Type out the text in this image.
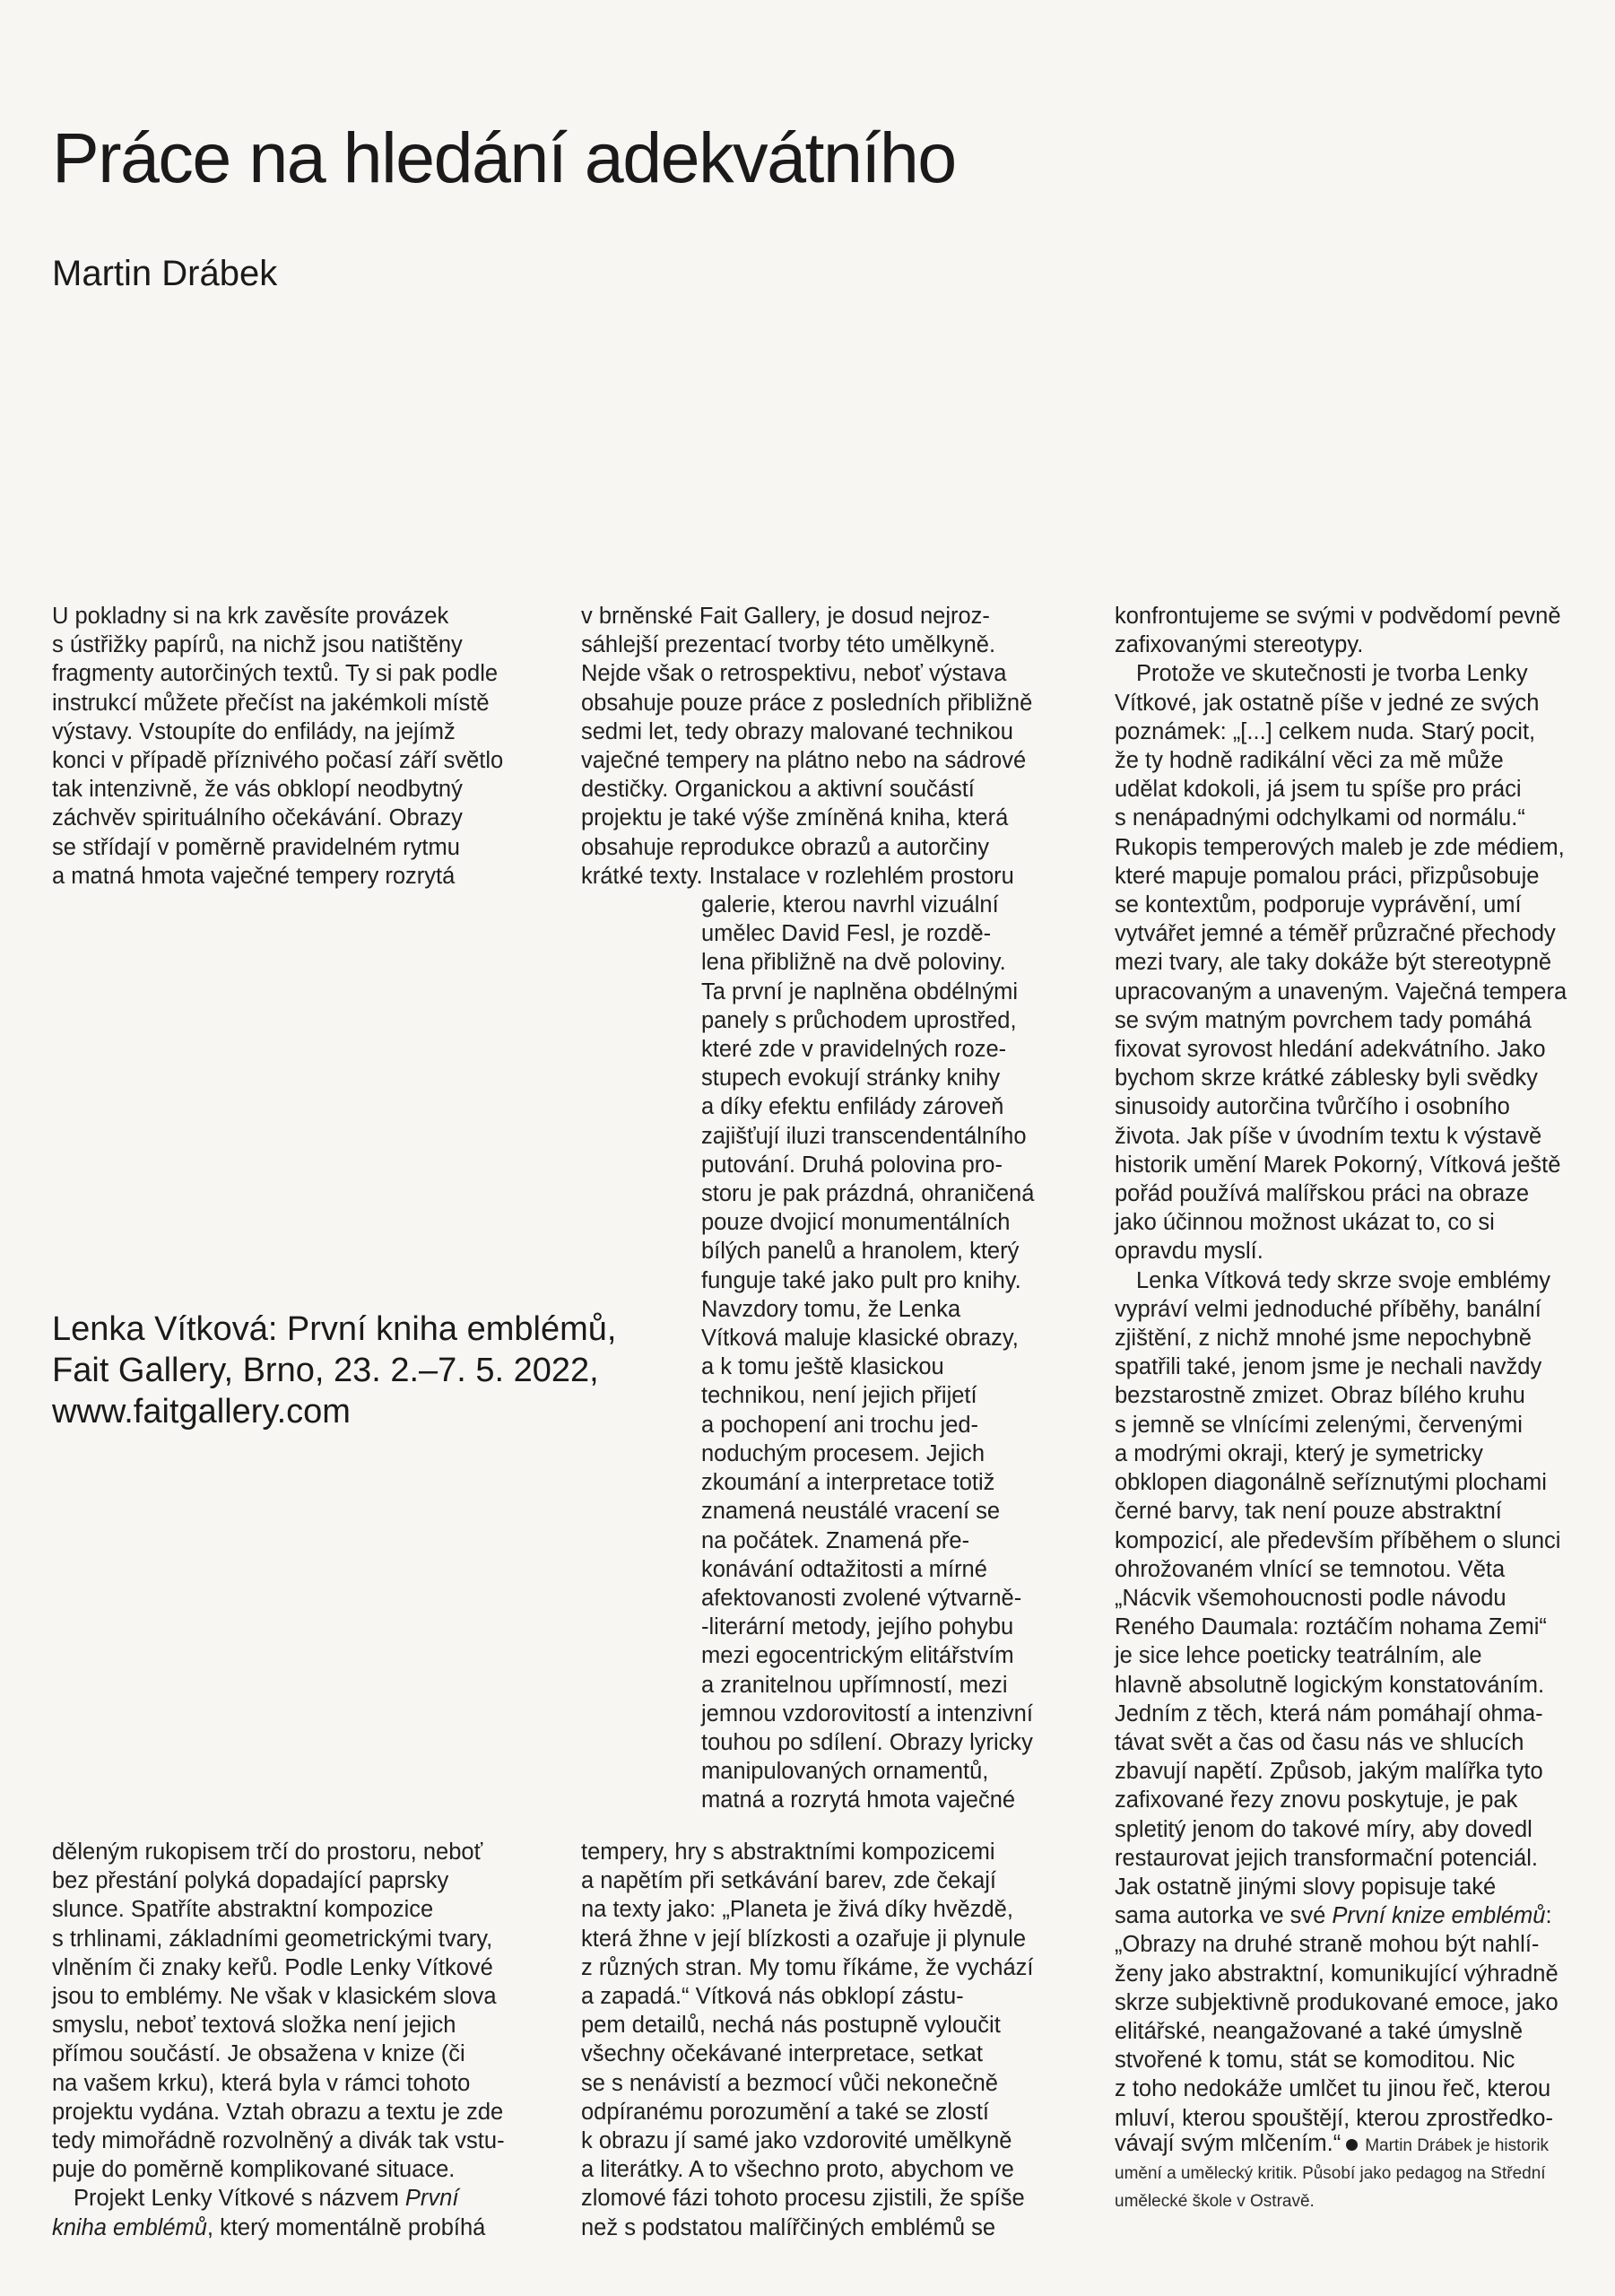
Práce na hledání adekvátního
Martin Drábek
U pokladny si na krk zavěsíte provázek
s ústřižky papírů, na nichž jsou natištěny
fragmenty autorčiných textů. Ty si pak podle
instrukcí můžete přečíst na jakémkoli místě
výstavy. Vstoupíte do enfilády, na jejímž
konci v případě příznivého počasí září světlo
tak intenzivně, že vás obklopí neodbytný
záchvěv spirituálního očekávání. Obrazy
se střídají v poměrně pravidelném rytmu
a matná hmota vaječné tempery rozrytá
Lenka Vítková: První kniha emblémů,
Fait Gallery, Brno, 23. 2.–7. 5. 2022,
www.faitgallery.com
děleným rukopisem trčí do prostoru, neboť
bez přestání polyká dopadající paprsky
slunce. Spatříte abstraktní kompozice
s trhlinami, základními geometrickými tvary,
vlněním či znaky keřů. Podle Lenky Vítkové
jsou to emblémy. Ne však v klasickém slova
smyslu, neboť textová složka není jejich
přímou součástí. Je obsažena v knize (či
na vašem krku), která byla v rámci tohoto
projektu vydána. Vztah obrazu a textu je zde
tedy mimořádně rozvolněný a divák tak vstu-
puje do poměrně komplikované situace.
Projekt Lenky Vítkové s názvem První
kniha emblémů, který momentálně probíhá
v brněnské Fait Gallery, je dosud nejroz-
sáhlejší prezentací tvorby této umělkyně.
Nejde však o retrospektivu, neboť výstava
obsahuje pouze práce z posledních přibližně
sedmi let, tedy obrazy malované technikou
vaječné tempery na plátno nebo na sádrové
destičky. Organickou a aktivní součástí
projektu je také výše zmíněná kniha, která
obsahuje reprodukce obrazů a autorčiny
krátké texty. Instalace v rozlehlém prostoru
galerie, kterou navrhl vizuální
umělec David Fesl, je rozdě-
lena přibližně na dvě poloviny.
Ta první je naplněna obdélnými
panely s průchodem uprostřed,
které zde v pravidelných roze-
stupech evokují stránky knihy
a díky efektu enfilády zároveň
zajišťují iluzi transcendentálního
putování. Druhá polovina pro-
storu je pak prázdná, ohraničená
pouze dvojicí monumentálních
bílých panelů a hranolem, který
funguje také jako pult pro knihy.
Navzdory tomu, že Lenka
Vítková maluje klasické obrazy,
a k tomu ještě klasickou
technikou, není jejich přijetí
a pochopení ani trochu jed-
noduchým procesem. Jejich
zkoumání a interpretace totiž
znamená neustálé vracení se
na počátek. Znamená pře-
konávání odtažitosti a mírné
afektovanosti zvolené výtvarně-
-literární metody, jejího pohybu
mezi egocentrickým elitářstvím
a zranitelnou upřímností, mezi
jemnou vzdorovitostí a intenzivní
touhou po sdílení. Obrazy lyricky
manipulovaných ornamentů,
matná a rozrytá hmota vaječné
tempery, hry s abstraktními kompozicemi
a napětím při setkávání barev, zde čekají
na texty jako: „Planeta je živá díky hvězdě,
která žhne v její blízkosti a ozařuje ji plynule
z různých stran. My tomu říkáme, že vychází
a zapadá.“ Vítková nás obklopí zástu-
pem detailů, nechá nás postupně vyloučit
všechny očekávané interpretace, setkat
se s nenávistí a bezmocí vůči nekonečně
odpíranému porozumění a také se zlostí
k obrazu jí samé jako vzdorovité umělkyně
a literátky. A to všechno proto, abychom ve
zlomové fázi tohoto procesu zjistili, že spíše
než s podstatou malířčiných emblémů se
konfrontujeme se svými v podvědomí pevně
zafixovanými stereotypy.
Protože ve skutečnosti je tvorba Lenky
Vítkové, jak ostatně píše v jedné ze svých
poznámek: „[...] celkem nuda. Starý pocit,
že ty hodně radikální věci za mě může
udělat kdokoli, já jsem tu spíše pro práci
s nenápadnými odchylkami od normálu.“
Rukopis temperových maleb je zde médiem,
které mapuje pomalou práci, přizpůsobuje
se kontextům, podporuje vyprávění, umí
vytvářet jemné a téměř průzračné přechody
mezi tvary, ale taky dokáže být stereotypně
upracovaným a unaveným. Vaječná tempera
se svým matným povrchem tady pomáhá
fixovat syrovost hledání adekvátního. Jako
bychom skrze krátké záblesky byli svědky
sinusoidy autorčina tvůrčího i osobního
života. Jak píše v úvodním textu k výstavě
historik umění Marek Pokorný, Vítková ještě
pořád používá malířskou práci na obraze
jako účinnou možnost ukázat to, co si
opravdu myslí.
Lenka Vítková tedy skrze svoje emblémy
vypráví velmi jednoduché příběhy, banální
zjištění, z nichž mnohé jsme nepochybně
spatřili také, jenom jsme je nechali navždy
bezstarostně zmizet. Obraz bílého kruhu
s jemně se vlnícími zelenými, červenými
a modrými okraji, který je symetricky
obklopen diagonálně seříznutými plochami
černé barvy, tak není pouze abstraktní
kompozicí, ale především příběhem o slunci
ohrožovaném vlnící se temnotou. Věta
„Nácvik všemohoucnosti podle návodu
Reného Daumala: roztáčím nohama Zemi“
je sice lehce poeticky teatrálním, ale
hlavně absolutně logickým konstatováním.
Jedním z těch, která nám pomáhají ohma-
távat svět a čas od času nás ve shlucích
zbavují napětí. Způsob, jakým malířka tyto
zafixované řezy znovu poskytuje, je pak
spletitý jenom do takové míry, aby dovedl
restaurovat jejich transformační potenciál.
Jak ostatně jinými slovy popisuje také
sama autorka ve své První knize emblémů:
„Obrazy na druhé straně mohou být nahlí-
ženy jako abstraktní, komunikující výhradně
skrze subjektivně produkované emoce, jako
elitářské, neangažované a také úmyslně
stvořené k tomu, stát se komoditou. Nic
z toho nedokáže umlčet tu jinou řeč, kterou
mluví, kterou spouštějí, kterou zprostředko-
vávají svým mlčením.“ Martin Drábek je historik
umění a umělecký kritik. Působí jako pedagog na Střední
umělecké škole v Ostravě.
